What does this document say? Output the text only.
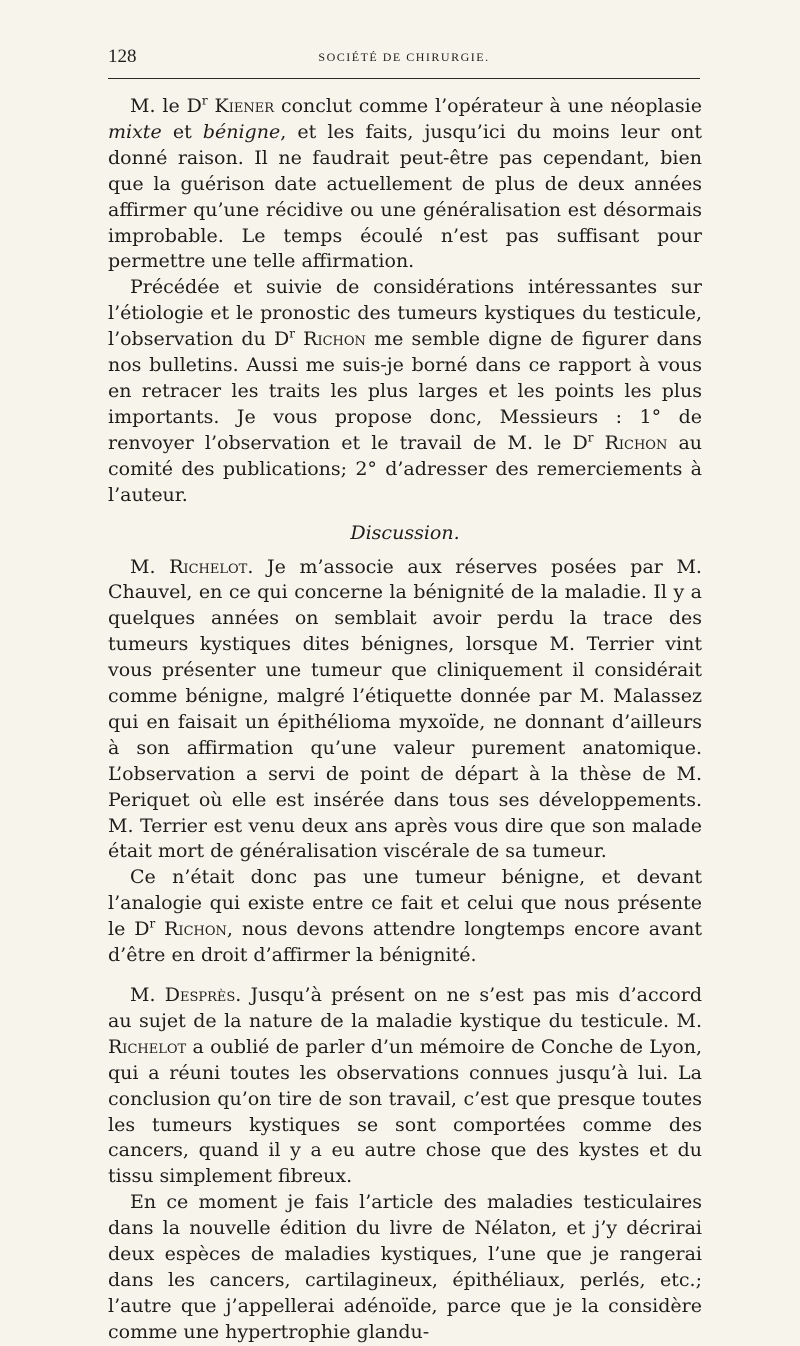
128	SOCIÉTÉ DE CHIRURGIE.

M. le $D^r$ Kiener conclut comme l’opérateur à une néoplasie mixte et bénigne, et les faits, jusqu’ici du moins leur ont donné raison. Il ne faudrait peut-être pas cependant, bien que la guérison date actuellement de plus de deux années affirmer qu’une récidive ou une généralisation est désormais improbable. Le temps écoulé n’est pas suffisant pour permettre une telle affirmation.

Précédée et suivie de considérations intéressantes sur l’étiologie et le pronostic des tumeurs kystiques du testicule, l’observation du $D^r$ Richon me semble digne de figurer dans nos bulletins. Aussi me suis-je borné dans ce rapport à vous en retracer les traits les plus larges et les points les plus importants. Je vous propose donc, Messieurs : 1° de renvoyer l’observation et le travail de M. le $D^r$ Richon au comité des publications; 2° d’adresser des remerciements à l’auteur.

Discussion.

M. Richelot. Je m’associe aux réserves posées par M. Chauvel, en ce qui concerne la bénignité de la maladie. Il y a quelques années on semblait avoir perdu la trace des tumeurs kystiques dites bénignes, lorsque M. Terrier vint vous présenter une tumeur que cliniquement il considérait comme bénigne, malgré l’étiquette donnée par M. Malassez qui en faisait un épithélioma myxoïde, ne donnant d’ailleurs à son affirmation qu’une valeur purement anatomique. L’observation a servi de point de départ à la thèse de M. Periquet où elle est insérée dans tous ses développements. M. Terrier est venu deux ans après vous dire que son malade était mort de généralisation viscérale de sa tumeur.

Ce n’était donc pas une tumeur bénigne, et devant l’analogie qui existe entre ce fait et celui que nous présente le $D^r$ Richon, nous devons attendre longtemps encore avant d’être en droit d’affirmer la bénignité.

M. Desprès. Jusqu’à présent on ne s’est pas mis d’accord au sujet de la nature de la maladie kystique du testicule. M. Richelot a oublié de parler d’un mémoire de Conche de Lyon, qui a réuni toutes les observations connues jusqu’à lui. La conclusion qu’on tire de son travail, c’est que presque toutes les tumeurs kystiques se sont comportées comme des cancers, quand il y a eu autre chose que des kystes et du tissu simplement fibreux.

En ce moment je fais l’article des maladies testiculaires dans la nouvelle édition du livre de Nélaton, et j’y décrirai deux espèces de maladies kystiques, l’une que je rangerai dans les cancers, cartilagineux, épithéliaux, perlés, etc.; l’autre que j’appellerai adénoïde, parce que je la considère comme une hypertrophie glandu-
